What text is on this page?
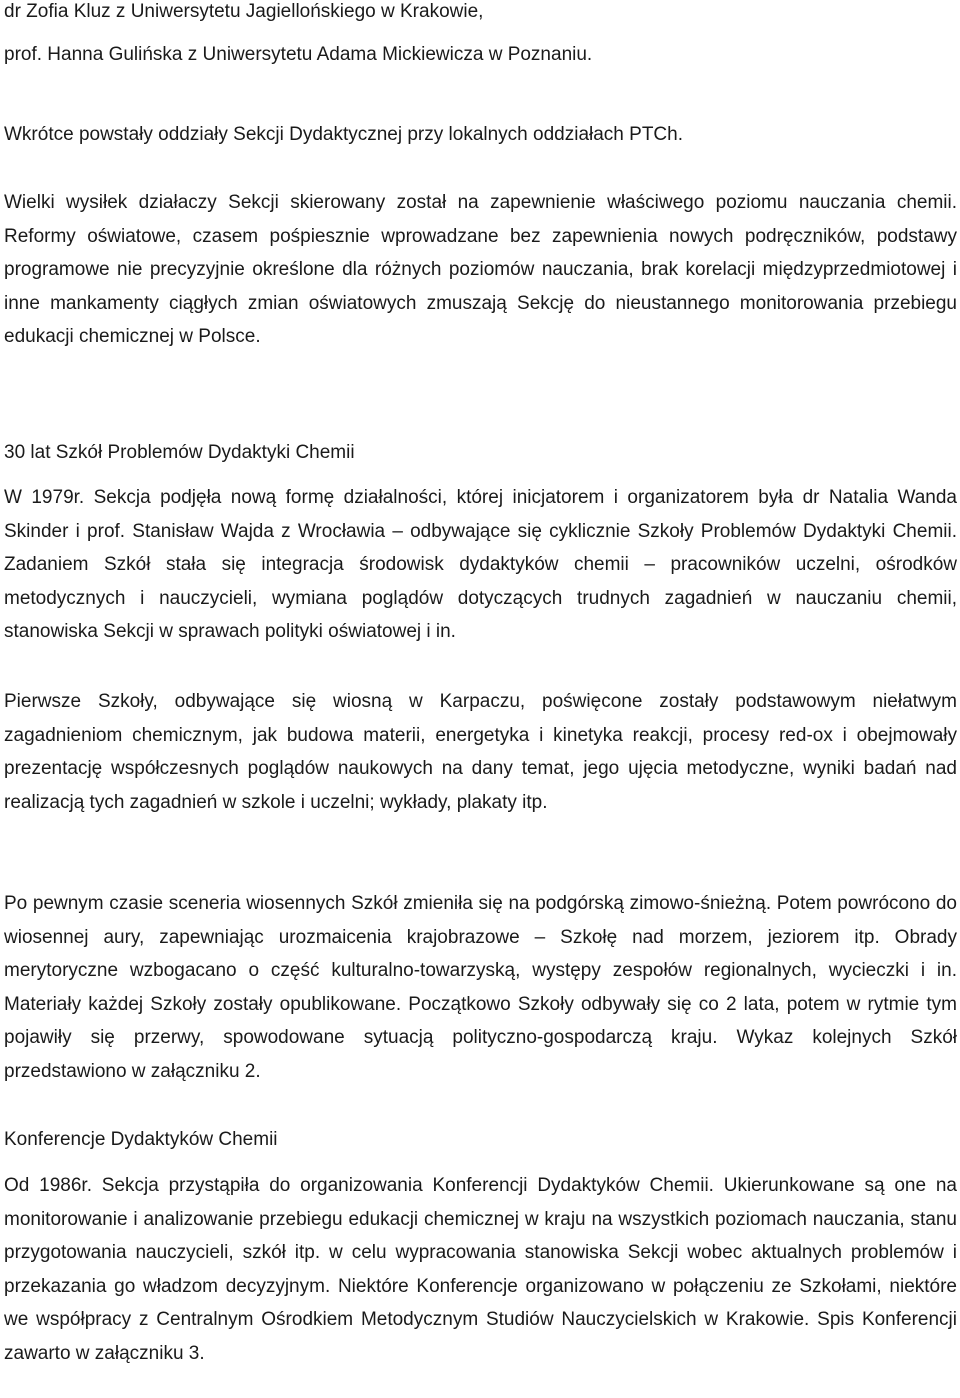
dr Zofia Kluz z Uniwersytetu Jagiellońskiego w Krakowie,
prof. Hanna Gulińska z Uniwersytetu Adama Mickiewicza w Poznaniu.
Wkrótce powstały oddziały Sekcji Dydaktycznej przy lokalnych oddziałach PTCh.
Wielki wysiłek działaczy Sekcji skierowany został na zapewnienie właściwego poziomu nauczania chemii. Reformy oświatowe, czasem pośpiesznie wprowadzane bez zapewnienia nowych podręczników, podstawy programowe nie precyzyjnie określone dla różnych poziomów nauczania, brak korelacji międzyprzedmiotowej i inne mankamenty ciągłych zmian oświatowych zmuszają Sekcję do nieustannego monitorowania przebiegu edukacji chemicznej w Polsce.
30 lat Szkół Problemów Dydaktyki Chemii
W 1979r. Sekcja podjęła nową formę działalności, której inicjatorem i organizatorem była dr Natalia Wanda Skinder i prof. Stanisław Wajda z Wrocławia – odbywające się cyklicznie Szkoły Problemów Dydaktyki Chemii. Zadaniem Szkół stała się integracja środowisk dydaktyków chemii – pracowników uczelni, ośrodków metodycznych i nauczycieli, wymiana poglądów dotyczących trudnych zagadnień w nauczaniu chemii, stanowiska Sekcji w sprawach polityki oświatowej i in.
Pierwsze Szkoły, odbywające się wiosną w Karpaczu, poświęcone zostały podstawowym niełatwym zagadnieniom chemicznym, jak budowa materii, energetyka i kinetyka reakcji, procesy red-ox i obejmowały prezentację współczesnych poglądów naukowych na dany temat, jego ujęcia metodyczne, wyniki badań nad realizacją tych zagadnień w szkole i uczelni; wykłady, plakaty itp.
Po pewnym czasie sceneria wiosennych Szkół zmieniła się na podgórską zimowo-śnieżną. Potem powrócono do wiosennej aury, zapewniając urozmaicenia krajobrazowe – Szkołę nad morzem, jeziorem itp. Obrady merytoryczne wzbogacano o część kulturalno-towarzyską, występy zespołów regionalnych, wycieczki i in. Materiały każdej Szkoły zostały opublikowane. Początkowo Szkoły odbywały się co 2 lata, potem w rytmie tym pojawiły się przerwy, spowodowane sytuacją polityczno-gospodarczą kraju. Wykaz kolejnych Szkół przedstawiono w załączniku 2.
Konferencje Dydaktyków Chemii
Od 1986r. Sekcja przystąpiła do organizowania Konferencji Dydaktyków Chemii. Ukierunkowane są one na monitorowanie i analizowanie przebiegu edukacji chemicznej w kraju na wszystkich poziomach nauczania, stanu przygotowania nauczycieli, szkół itp. w celu wypracowania stanowiska Sekcji wobec aktualnych problemów i przekazania go władzom decyzyjnym. Niektóre Konferencje organizowano w połączeniu ze Szkołami, niektóre we współpracy z Centralnym Ośrodkiem Metodycznym Studiów Nauczycielskich w Krakowie. Spis Konferencji zawarto w załączniku 3.
